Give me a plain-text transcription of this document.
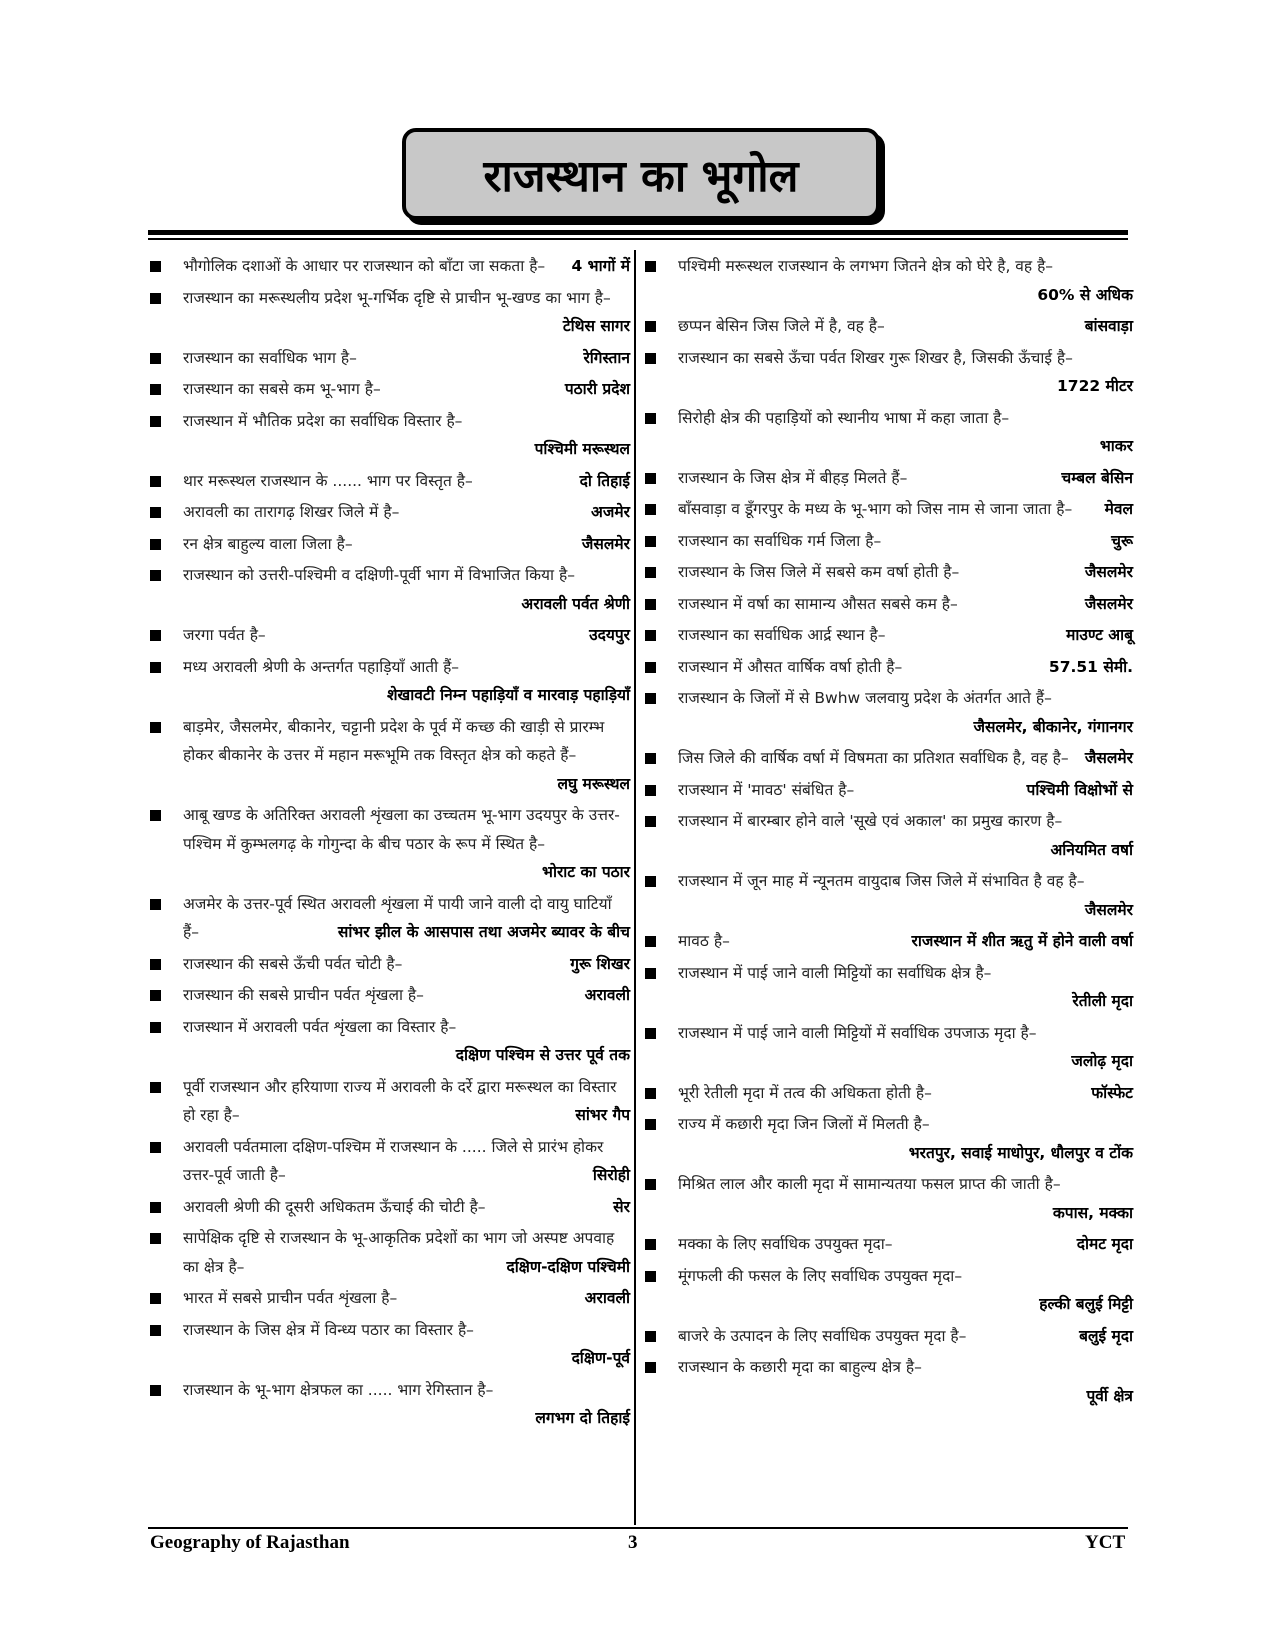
राजस्थान का भूगोल
भौगोलिक दशाओं के आधार पर राजस्थान को बाँटा जा सकता है–	4 भागों में
राजस्थान का मरूस्थलीय प्रदेश भू-गर्भिक दृष्टि से प्राचीन भू-खण्ड का भाग है–
टेथिस सागर
राजस्थान का सर्वाधिक भाग है–	रेगिस्तान
राजस्थान का सबसे कम भू-भाग है–	पठारी प्रदेश
राजस्थान में भौतिक प्रदेश का सर्वाधिक विस्तार है–
पश्चिमी मरूस्थल
थार मरूस्थल राजस्थान के ...... भाग पर विस्तृत है–	दो तिहाई
अरावली का तारागढ़ शिखर जिले में है–	अजमेर
रन क्षेत्र बाहुल्य वाला जिला है–	जैसलमेर
राजस्थान को उत्तरी-पश्चिमी व दक्षिणी-पूर्वी भाग में विभाजित किया है–
अरावली पर्वत श्रेणी
जरगा पर्वत है–	उदयपुर
मध्य अरावली श्रेणी के अन्तर्गत पहाड़ियाँ आती हैं–
शेखावटी निम्न पहाड़ियाँ व मारवाड़ पहाड़ियाँ
बाड़मेर, जैसलमेर, बीकानेर, चट्टानी प्रदेश के पूर्व में कच्छ की खाड़ी से प्रारम्भ होकर बीकानेर के उत्तर में महान मरूभूमि तक विस्तृत क्षेत्र को कहते हैं–
लघु मरूस्थल
आबू खण्ड के अतिरिक्त अरावली शृंखला का उच्चतम भू-भाग उदयपुर के उत्तर-पश्चिम में कुम्भलगढ़ के गोगुन्दा के बीच पठार के रूप में स्थित है–
भोराट का पठार
अजमेर के उत्तर-पूर्व स्थित अरावली शृंखला में पायी जाने वाली दो वायु घाटियाँ हैं–	सांभर झील के आसपास तथा अजमेर ब्यावर के बीच
राजस्थान की सबसे ऊँची पर्वत चोटी है–	गुरू शिखर
राजस्थान की सबसे प्राचीन पर्वत शृंखला है–	अरावली
राजस्थान में अरावली पर्वत शृंखला का विस्तार है–
दक्षिण पश्चिम से उत्तर पूर्व तक
पूर्वी राजस्थान और हरियाणा राज्य में अरावली के दर्रे द्वारा मरूस्थल का विस्तार हो रहा है–	सांभर गैप
अरावली पर्वतमाला दक्षिण-पश्चिम में राजस्थान के ..... जिले से प्रारंभ होकर उत्तर-पूर्व जाती है–	सिरोही
अरावली श्रेणी की दूसरी अधिकतम ऊँचाई की चोटी है–	सेर
सापेक्षिक दृष्टि से राजस्थान के भू-आकृतिक प्रदेशों का भाग जो अस्पष्ट अपवाह का क्षेत्र है–	दक्षिण-दक्षिण पश्चिमी
भारत में सबसे प्राचीन पर्वत शृंखला है–	अरावली
राजस्थान के जिस क्षेत्र में विन्ध्य पठार का विस्तार है–
दक्षिण-पूर्व
राजस्थान के भू-भाग क्षेत्रफल का ..... भाग रेगिस्तान है–
लगभग दो तिहाई
पश्चिमी मरूस्थल राजस्थान के लगभग जितने क्षेत्र को घेरे है, वह है–
60% से अधिक
छप्पन बेसिन जिस जिले में है, वह है–	बांसवाड़ा
राजस्थान का सबसे ऊँचा पर्वत शिखर गुरू शिखर है, जिसकी ऊँचाई है–
1722 मीटर
सिरोही क्षेत्र की पहाड़ियों को स्थानीय भाषा में कहा जाता है–
भाकर
राजस्थान के जिस क्षेत्र में बीहड़ मिलते हैं–	चम्बल बेसिन
बाँसवाड़ा व डूँगरपुर के मध्य के भू-भाग को जिस नाम से जाना जाता है–	मेवल
राजस्थान का सर्वाधिक गर्म जिला है–	चुरू
राजस्थान के जिस जिले में सबसे कम वर्षा होती है–	जैसलमेर
राजस्थान में वर्षा का सामान्य औसत सबसे कम है–	जैसलमेर
राजस्थान का सर्वाधिक आर्द्र स्थान है–	माउण्ट आबू
राजस्थान में औसत वार्षिक वर्षा होती है–	57.51 सेमी.
राजस्थान के जिलों में से Bwhw जलवायु प्रदेश के अंतर्गत आते हैं–
जैसलमेर, बीकानेर, गंगानगर
जिस जिले की वार्षिक वर्षा में विषमता का प्रतिशत सर्वाधिक है, वह है–	जैसलमेर
राजस्थान में 'मावठ' संबंधित है–	पश्चिमी विक्षोभों से
राजस्थान में बारम्बार होने वाले 'सूखे एवं अकाल' का प्रमुख कारण है–
अनियमित वर्षा
राजस्थान में जून माह में न्यूनतम वायुदाब जिस जिले में संभावित है वह है–
जैसलमेर
मावठ है–	राजस्थान में शीत ऋतु में होने वाली वर्षा
राजस्थान में पाई जाने वाली मिट्टियों का सर्वाधिक क्षेत्र है–
रेतीली मृदा
राजस्थान में पाई जाने वाली मिट्टियों में सर्वाधिक उपजाऊ मृदा है–
जलोढ़ मृदा
भूरी रेतीली मृदा में तत्व की अधिकता होती है–	फॉस्फेट
राज्य में कछारी मृदा जिन जिलों में मिलती है–
भरतपुर, सवाई माधोपुर, धौलपुर व टोंक
मिश्रित लाल और काली मृदा में सामान्यतया फसल प्राप्त की जाती है–
कपास, मक्का
मक्का के लिए सर्वाधिक उपयुक्त मृदा–	दोमट मृदा
मूंगफली की फसल के लिए सर्वाधिक उपयुक्त मृदा–
हल्की बलुई मिट्टी
बाजरे के उत्पादन के लिए सर्वाधिक उपयुक्त मृदा है–	बलुई मृदा
राजस्थान के कछारी मृदा का बाहुल्य क्षेत्र है–
पूर्वी क्षेत्र
Geography of Rajasthan	3	YCT
